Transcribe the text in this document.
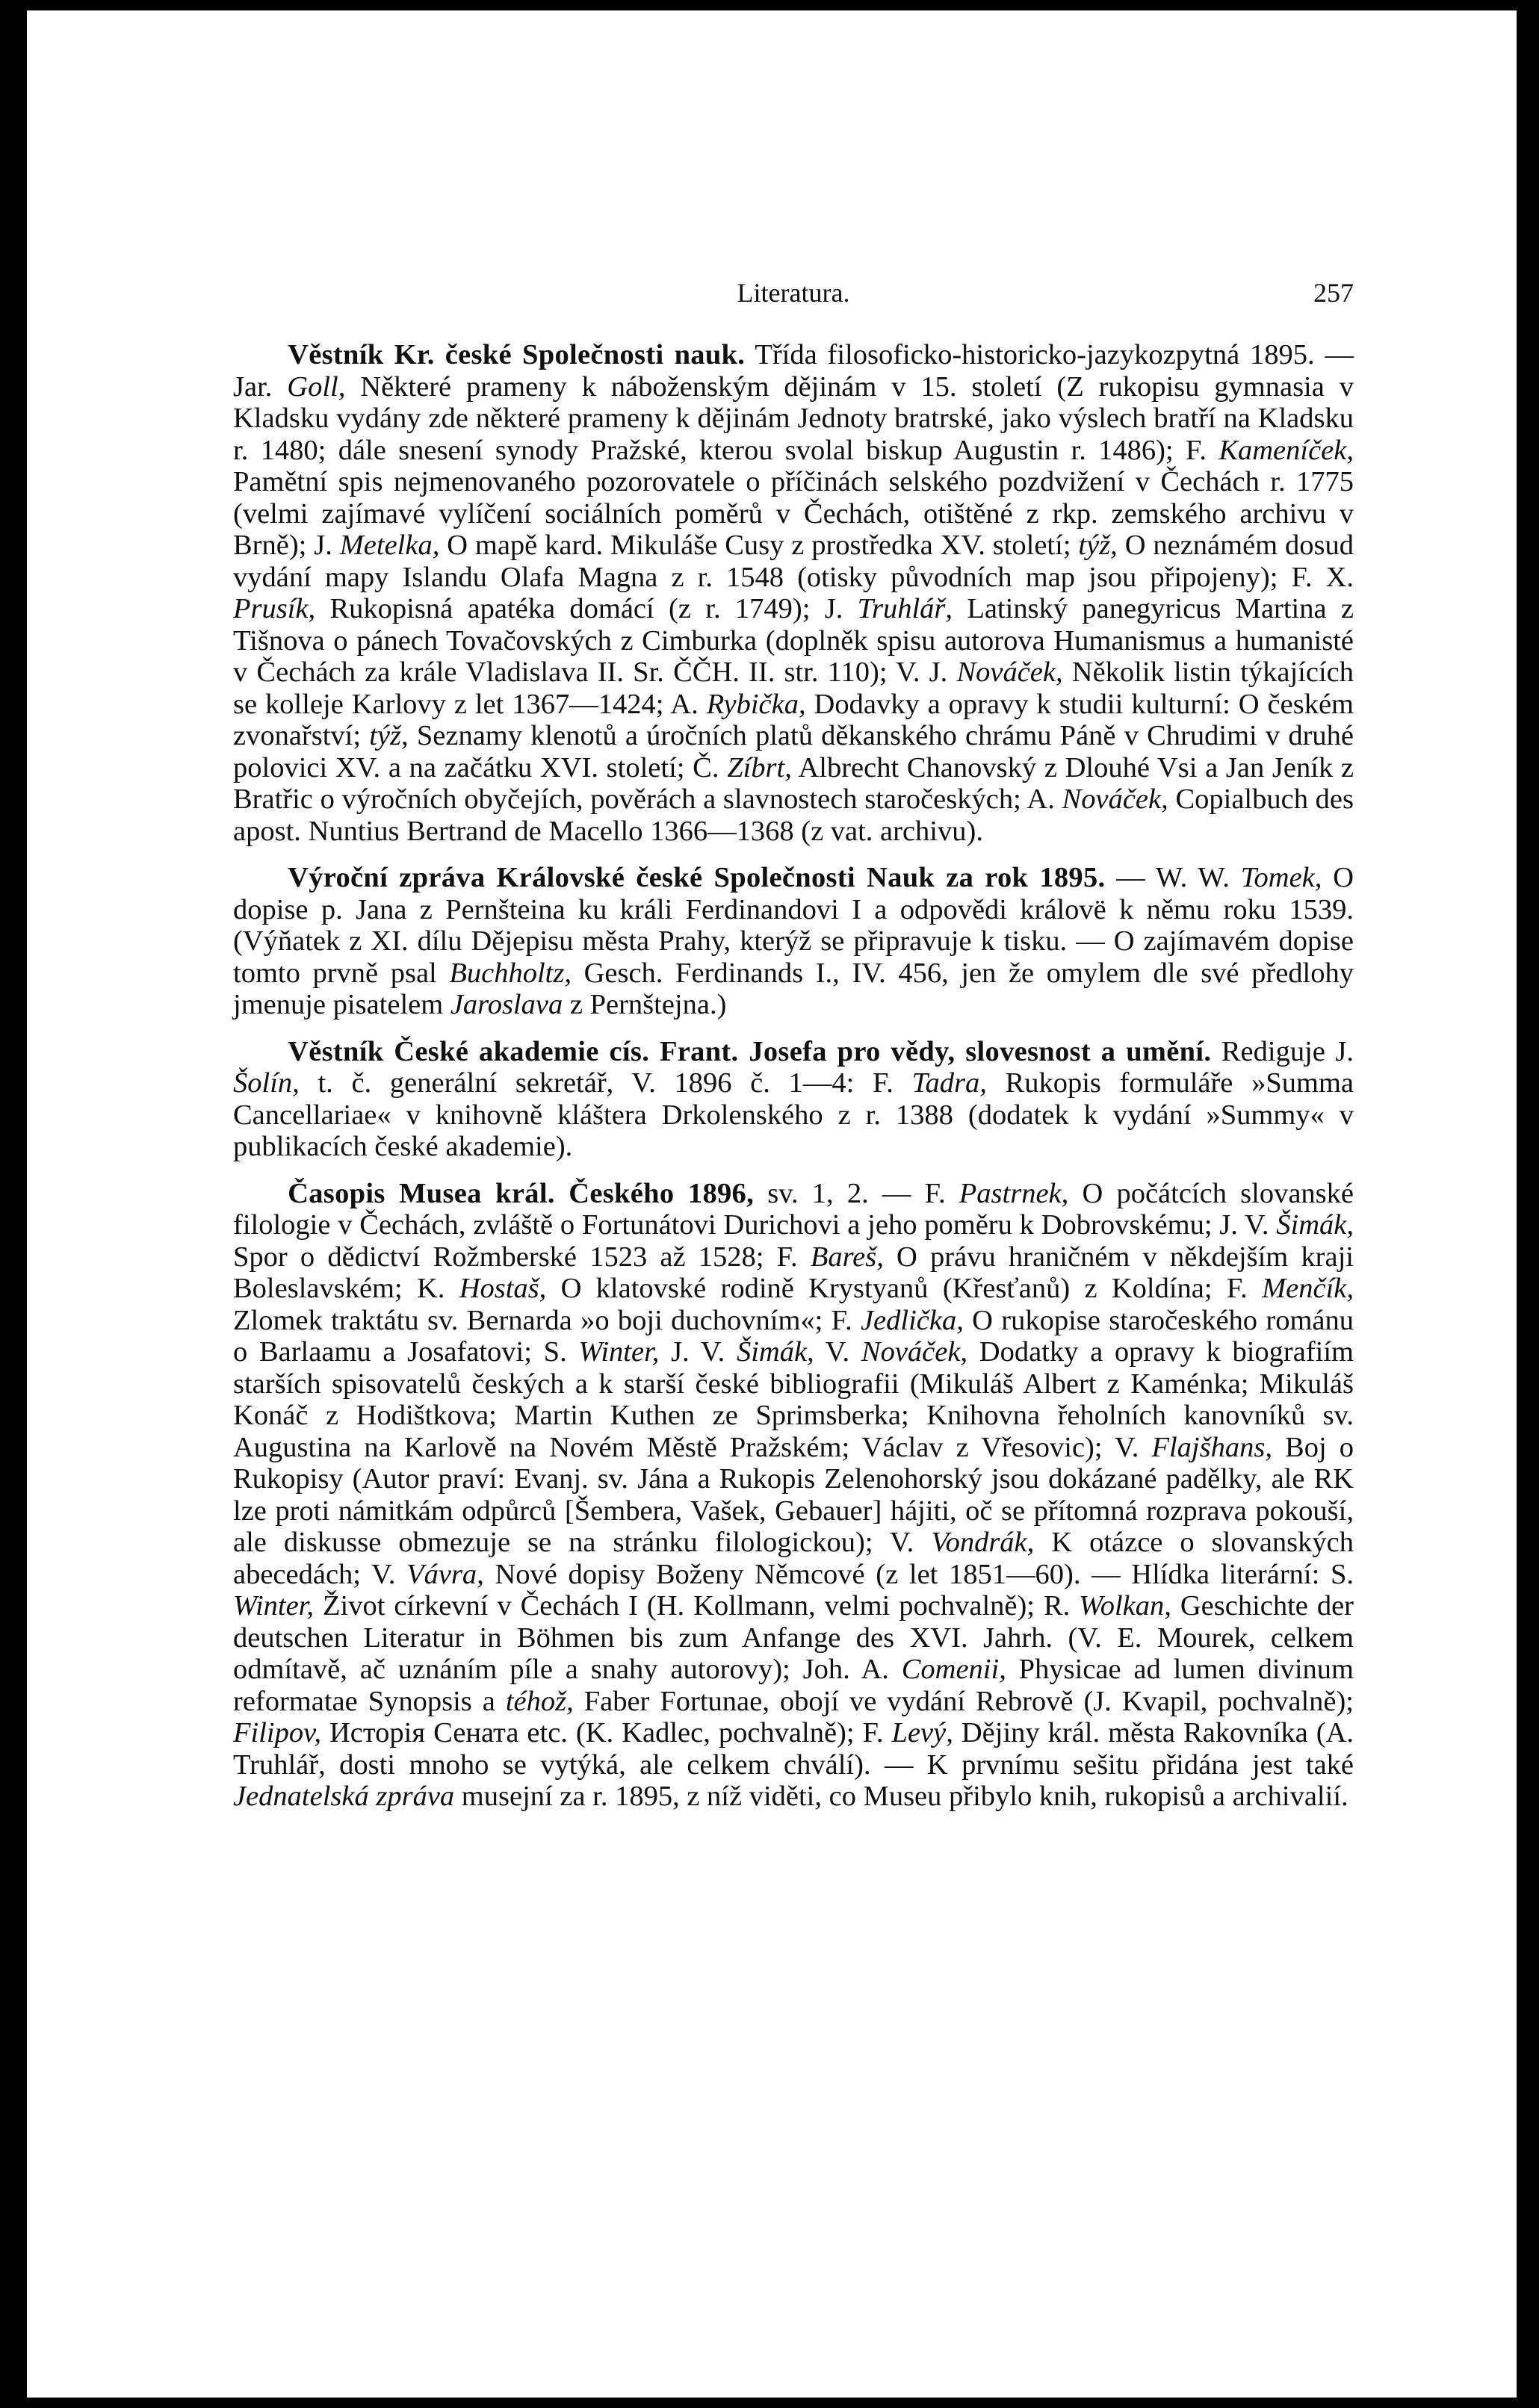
Literatura.	257

Věstník Kr. české Společnosti nauk. Třída filosoficko-historicko-jazykozpytná 1895. — Jar. Goll, Některé prameny k náboženským dějinám v 15. století (Z rukopisu gymnasia v Kladsku vydány zde některé prameny k dějinám Jednoty bratrské, jako výslech bratří na Kladsku r. 1480; dále snesení synody Pražské, kterou svolal biskup Augustin r. 1486); F. Kameníček, Pamětní spis nejmenovaného pozorovatele o příčinách selského pozdvižení v Čechách r. 1775 (velmi zajímavé vylíčení sociálních poměrů v Čechách, otištěné z rkp. zemského archivu v Brně); J. Metelka, O mapě kard. Mikuláše Cusy z prostředka XV. století; týž, O neznámém dosud vydání mapy Islandu Olafa Magna z r. 1548 (otisky původních map jsou připojeny); F. X. Prusík, Rukopisná apatéka domácí (z r. 1749); J. Truhlář, Latinský panegyricus Martina z Tišnova o pánech Tovačovských z Cimburka (doplněk spisu autorova Humanismus a humanisté v Čechách za krále Vladislava II. Sr. ČČH. II. str. 110); V. J. Nováček, Několik listin týkajících se kolleje Karlovy z let 1367—1424; A. Rybička, Dodavky a opravy k studii kulturní: O českém zvonařství; týž, Seznamy klenotů a úročních platů děkanského chrámu Páně v Chrudimi v druhé polovici XV. a na začátku XVI. století; Č. Zíbrt, Albrecht Chanovský z Dlouhé Vsi a Jan Jeník z Bratřic o výročních obyčejích, pověrách a slavnostech staročeských; A. Nováček, Copialbuch des apost. Nuntius Bertrand de Macello 1366—1368 (z vat. archivu).

Výroční zpráva Královské české Společnosti Nauk za rok 1895. — W. W. Tomek, O dopise p. Jana z Pernšteina ku králi Ferdinandovi I a odpovědi královë k němu roku 1539. (Výňatek z XI. dílu Dějepisu města Prahy, kterýž se připravuje k tisku. — O zajímavém dopise tomto prvně psal Buchholtz, Gesch. Ferdinands I., IV. 456, jen že omylem dle své předlohy jmenuje pisatelem Jaroslava z Pernštejna.)

Věstník České akademie cís. Frant. Josefa pro vědy, slovesnost a umění. Rediguje J. Šolín, t. č. generální sekretář, V. 1896 č. 1—4: F. Tadra, Rukopis formuláře »Summa Cancellariae« v knihovně kláštera Drkolenského z r. 1388 (dodatek k vydání »Summy« v publikacích české akademie).

Časopis Musea král. Českého 1896, sv. 1, 2. — F. Pastrnek, O počátcích slovanské filologie v Čechách, zvláště o Fortunátovi Durichovi a jeho poměru k Dobrovskému; J. V. Šimák, Spor o dědictví Rožmberské 1523 až 1528; F. Bareš, O právu hraničném v někdejším kraji Boleslavském; K. Hostaš, O klatovské rodině Krystyanů (Křesťanů) z Koldína; F. Menčík, Zlomek traktátu sv. Bernarda »o boji duchovním«; F. Jedlička, O rukopise staročeského románu o Barlaamu a Josafatovi; S. Winter, J. V. Šimák, V. Nováček, Dodatky a opravy k biografiím starších spisovatelů českých a k starší české bibliografii (Mikuláš Albert z Kaménka; Mikuláš Konáč z Hodištkova; Martin Kuthen ze Sprimsberka; Knihovna řeholních kanovníků sv. Augustina na Karlově na Novém Městě Pražském; Václav z Vřesovic); V. Flajšhans, Boj o Rukopisy (Autor praví: Evanj. sv. Jána a Rukopis Zelenohorský jsou dokázané padělky, ale RK lze proti námitkám odpůrců [Šembera, Vašek, Gebauer] hájiti, oč se přítomná rozprava pokouší, ale diskusse obmezuje se na stránku filologickou); V. Vondrák, K otázce o slovanských abecedách; V. Vávra, Nové dopisy Boženy Němcové (z let 1851—60). — Hlídka literární: S. Winter, Život církevní v Čechách I (H. Kollmann, velmi pochvalně); R. Wolkan, Geschichte der deutschen Literatur in Böhmen bis zum Anfange des XVI. Jahrh. (V. E. Mourek, celkem odmítavě, ač uznáním píle a snahy autorovy); Joh. A. Comenii, Physicae ad lumen divinum reformatae Synopsis a téhož, Faber Fortunae, obojí ve vydání Rebrově (J. Kvapil, pochvalně); Filipov, Исторія Сената etc. (K. Kadlec, pochvalně); F. Levý, Dějiny král. města Rakovníka (A. Truhlář, dosti mnoho se vytýká, ale celkem chválí). — K prvnímu sešitu přidána jest také Jednatelská zpráva musejní za r. 1895, z níž viděti, co Museu přibylo knih, rukopisů a archivalií.
